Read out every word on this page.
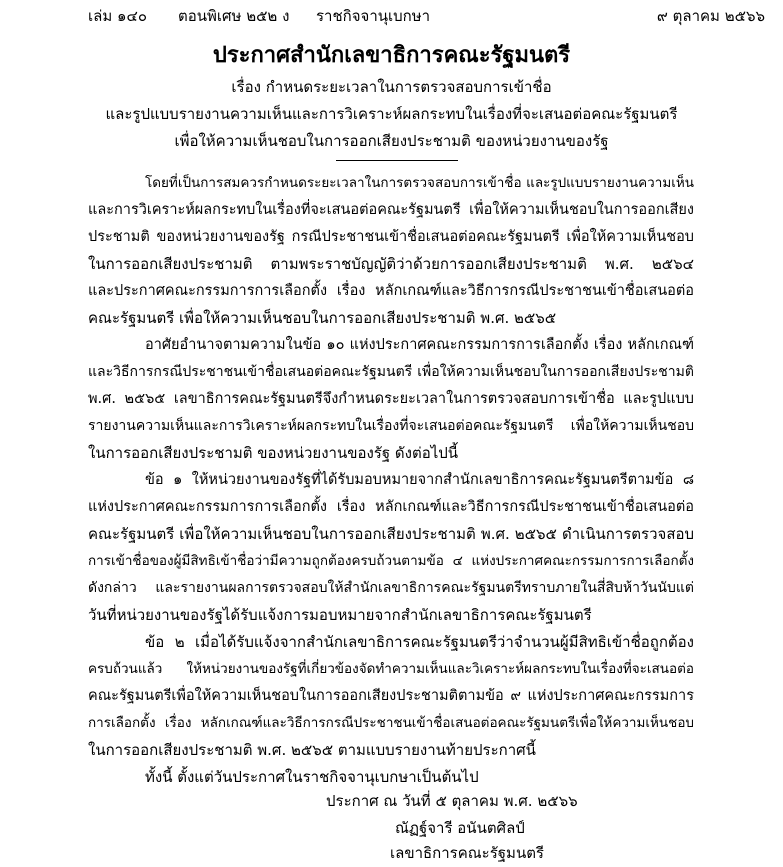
เล่ม ๑๔๐ ตอนพิเศษ ๒๕๒ ง ราชกิจจานุเบกษา	๙ ตุลาคม ๒๕๖๖
ประกาศสำนักเลขาธิการคณะรัฐมนตรี
เรื่อง กำหนดระยะเวลาในการตรวจสอบการเข้าชื่อ
และรูปแบบรายงานความเห็นและการวิเคราะห์ผลกระทบในเรื่องที่จะเสนอต่อคณะรัฐมนตรี
เพื่อให้ความเห็นชอบในการออกเสียงประชามติ ของหน่วยงานของรัฐ
โดยที่เป็นการสมควรกำหนดระยะเวลาในการตรวจสอบการเข้าชื่อ และรูปแบบรายงานความเห็น
และการวิเคราะห์ผลกระทบในเรื่องที่จะเสนอต่อคณะรัฐมนตรี เพื่อให้ความเห็นชอบในการออกเสียง
ประชามติ ของหน่วยงานของรัฐ กรณีประชาชนเข้าชื่อเสนอต่อคณะรัฐมนตรี เพื่อให้ความเห็นชอบ
ในการออกเสียงประชามติ ตามพระราชบัญญัติว่าด้วยการออกเสียงประชามติ พ.ศ. ๒๕๖๔
และประกาศคณะกรรมการการเลือกตั้ง เรื่อง หลักเกณฑ์และวิธีการกรณีประชาชนเข้าชื่อเสนอต่อ
คณะรัฐมนตรี เพื่อให้ความเห็นชอบในการออกเสียงประชามติ พ.ศ. ๒๕๖๕
อาศัยอำนาจตามความในข้อ ๑๐ แห่งประกาศคณะกรรมการการเลือกตั้ง เรื่อง หลักเกณฑ์
และวิธีการกรณีประชาชนเข้าชื่อเสนอต่อคณะรัฐมนตรี เพื่อให้ความเห็นชอบในการออกเสียงประชามติ
พ.ศ. ๒๕๖๕ เลขาธิการคณะรัฐมนตรีจึงกำหนดระยะเวลาในการตรวจสอบการเข้าชื่อ และรูปแบบ
รายงานความเห็นและการวิเคราะห์ผลกระทบในเรื่องที่จะเสนอต่อคณะรัฐมนตรี เพื่อให้ความเห็นชอบ
ในการออกเสียงประชามติ ของหน่วยงานของรัฐ ดังต่อไปนี้
ข้อ ๑ ให้หน่วยงานของรัฐที่ได้รับมอบหมายจากสำนักเลขาธิการคณะรัฐมนตรีตามข้อ ๘
แห่งประกาศคณะกรรมการการเลือกตั้ง เรื่อง หลักเกณฑ์และวิธีการกรณีประชาชนเข้าชื่อเสนอต่อ
คณะรัฐมนตรี เพื่อให้ความเห็นชอบในการออกเสียงประชามติ พ.ศ. ๒๕๖๕ ดำเนินการตรวจสอบ
การเข้าชื่อของผู้มีสิทธิเข้าชื่อว่ามีความถูกต้องครบถ้วนตามข้อ ๔ แห่งประกาศคณะกรรมการการเลือกตั้ง
ดังกล่าว และรายงานผลการตรวจสอบให้สำนักเลขาธิการคณะรัฐมนตรีทราบภายในสี่สิบห้าวันนับแต่
วันที่หน่วยงานของรัฐได้รับแจ้งการมอบหมายจากสำนักเลขาธิการคณะรัฐมนตรี
ข้อ ๒ เมื่อได้รับแจ้งจากสำนักเลขาธิการคณะรัฐมนตรีว่าจำนวนผู้มีสิทธิเข้าชื่อถูกต้อง
ครบถ้วนแล้ว ให้หน่วยงานของรัฐที่เกี่ยวข้องจัดทำความเห็นและวิเคราะห์ผลกระทบในเรื่องที่จะเสนอต่อ
คณะรัฐมนตรีเพื่อให้ความเห็นชอบในการออกเสียงประชามติตามข้อ ๙ แห่งประกาศคณะกรรมการ
การเลือกตั้ง เรื่อง หลักเกณฑ์และวิธีการกรณีประชาชนเข้าชื่อเสนอต่อคณะรัฐมนตรีเพื่อให้ความเห็นชอบ
ในการออกเสียงประชามติ พ.ศ. ๒๕๖๕ ตามแบบรายงานท้ายประกาศนี้
ทั้งนี้ ตั้งแต่วันประกาศในราชกิจจานุเบกษาเป็นต้นไป
ประกาศ ณ วันที่ ๕ ตุลาคม พ.ศ. ๒๕๖๖
ณัฏฐ์จารี อนันตศิลป์
เลขาธิการคณะรัฐมนตรี
